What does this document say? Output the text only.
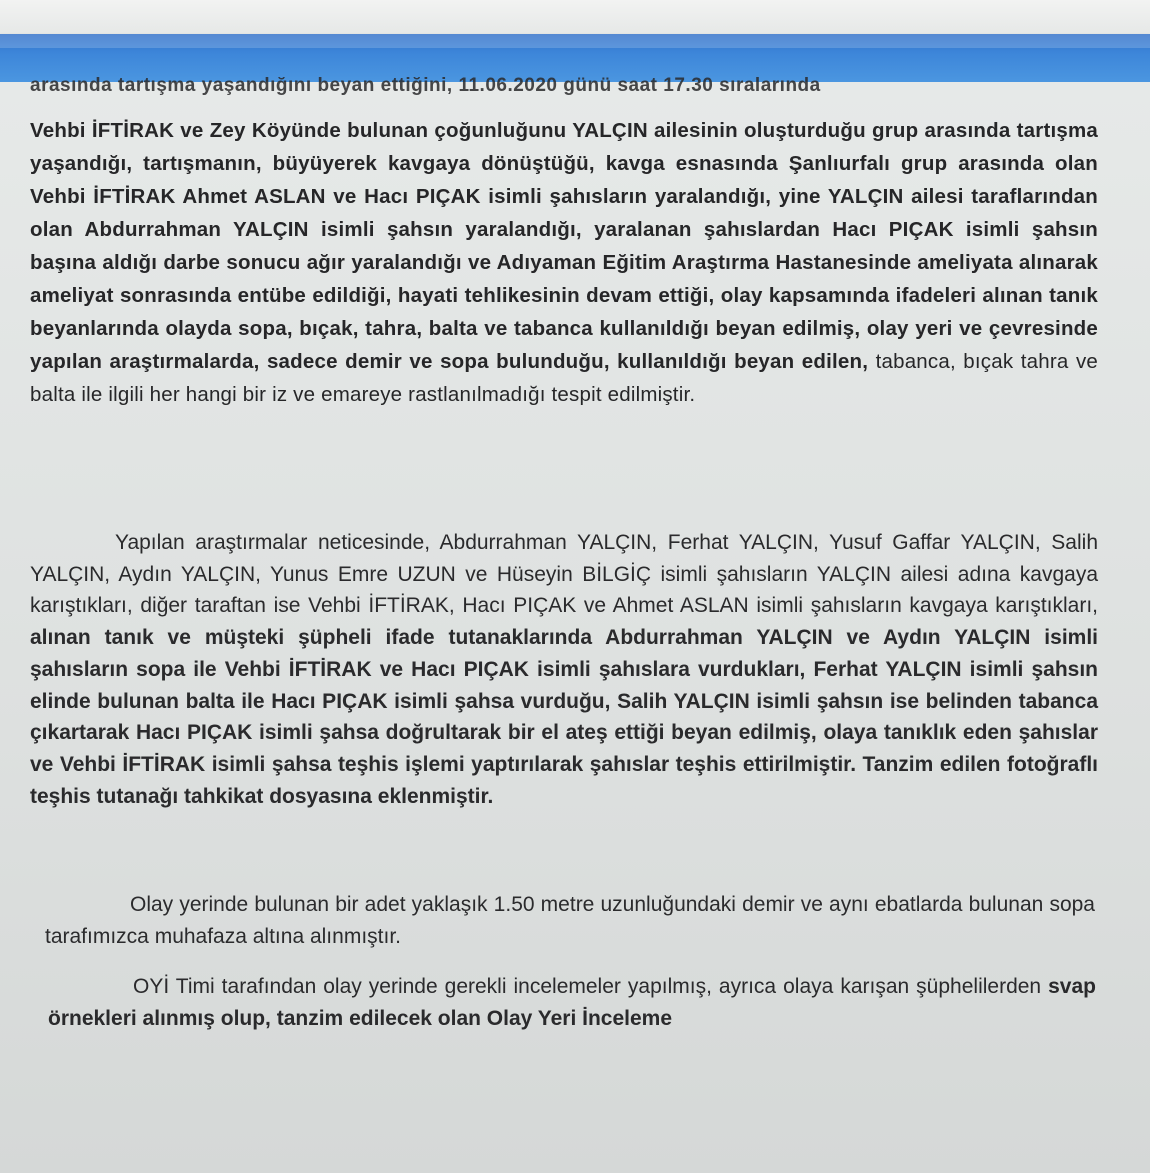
arasında tartışma yaşandığını beyan ettiğini, 11.06.2020 günü saat 17.30 sıralarında
Vehbi İFTİRAK ve Zey Köyünde bulunan çoğunluğunu YALÇIN ailesinin oluşturduğu grup arasında tartışma yaşandığı, tartışmanın, büyüyerek kavgaya dönüştüğü, kavga esnasında Şanlıurfalı grup arasında olan Vehbi İFTİRAK Ahmet ASLAN ve Hacı PIÇAK isimli şahısların yaralandığı, yine YALÇIN ailesi taraflarından olan Abdurrahman YALÇIN isimli şahsın yaralandığı, yaralanan şahıslardan Hacı PIÇAK isimli şahsın başına aldığı darbe sonucu ağır yaralandığı ve Adıyaman Eğitim Araştırma Hastanesinde ameliyata alınarak ameliyat sonrasında entübe edildiği, hayati tehlikesinin devam ettiği, olay kapsamında ifadeleri alınan tanık beyanlarında olayda sopa, bıçak, tahra, balta ve tabanca kullanıldığı beyan edilmiş, olay yeri ve çevresinde yapılan araştırmalarda, sadece demir ve sopa bulunduğu, kullanıldığı beyan edilen, tabanca, bıçak tahra ve balta ile ilgili her hangi bir iz ve emareye rastlanılmadığı tespit edilmiştir.
Yapılan araştırmalar neticesinde, Abdurrahman YALÇIN, Ferhat YALÇIN, Yusuf Gaffar YALÇIN, Salih YALÇIN, Aydın YALÇIN, Yunus Emre UZUN ve Hüseyin BİLGİÇ isimli şahısların YALÇIN ailesi adına kavgaya karıştıkları, diğer taraftan ise Vehbi İFTİRAK, Hacı PIÇAK ve Ahmet ASLAN isimli şahısların kavgaya karıştıkları, alınan tanık ve müşteki şüpheli ifade tutanaklarında Abdurrahman YALÇIN ve Aydın YALÇIN isimli şahısların sopa ile Vehbi İFTİRAK ve Hacı PIÇAK isimli şahıslara vurdukları, Ferhat YALÇIN isimli şahsın elinde bulunan balta ile Hacı PIÇAK isimli şahsa vurduğu, Salih YALÇIN isimli şahsın ise belinden tabanca çıkartarak Hacı PIÇAK isimli şahsa doğrultarak bir el ateş ettiği beyan edilmiş, olaya tanıklık eden şahıslar ve Vehbi İFTİRAK isimli şahsa teşhis işlemi yaptırılarak şahıslar teşhis ettirilmiştir. Tanzim edilen fotoğraflı teşhis tutanağı tahkikat dosyasına eklenmiştir.
Olay yerinde bulunan bir adet yaklaşık 1.50 metre uzunluğundaki demir ve aynı ebatlarda bulunan sopa tarafımızca muhafaza altına alınmıştır.
OYİ Timi tarafından olay yerinde gerekli incelemeler yapılmış, ayrıca olaya karışan şüphelilerden svap örnekleri alınmış olup, tanzim edilecek olan Olay Yeri İnceleme
